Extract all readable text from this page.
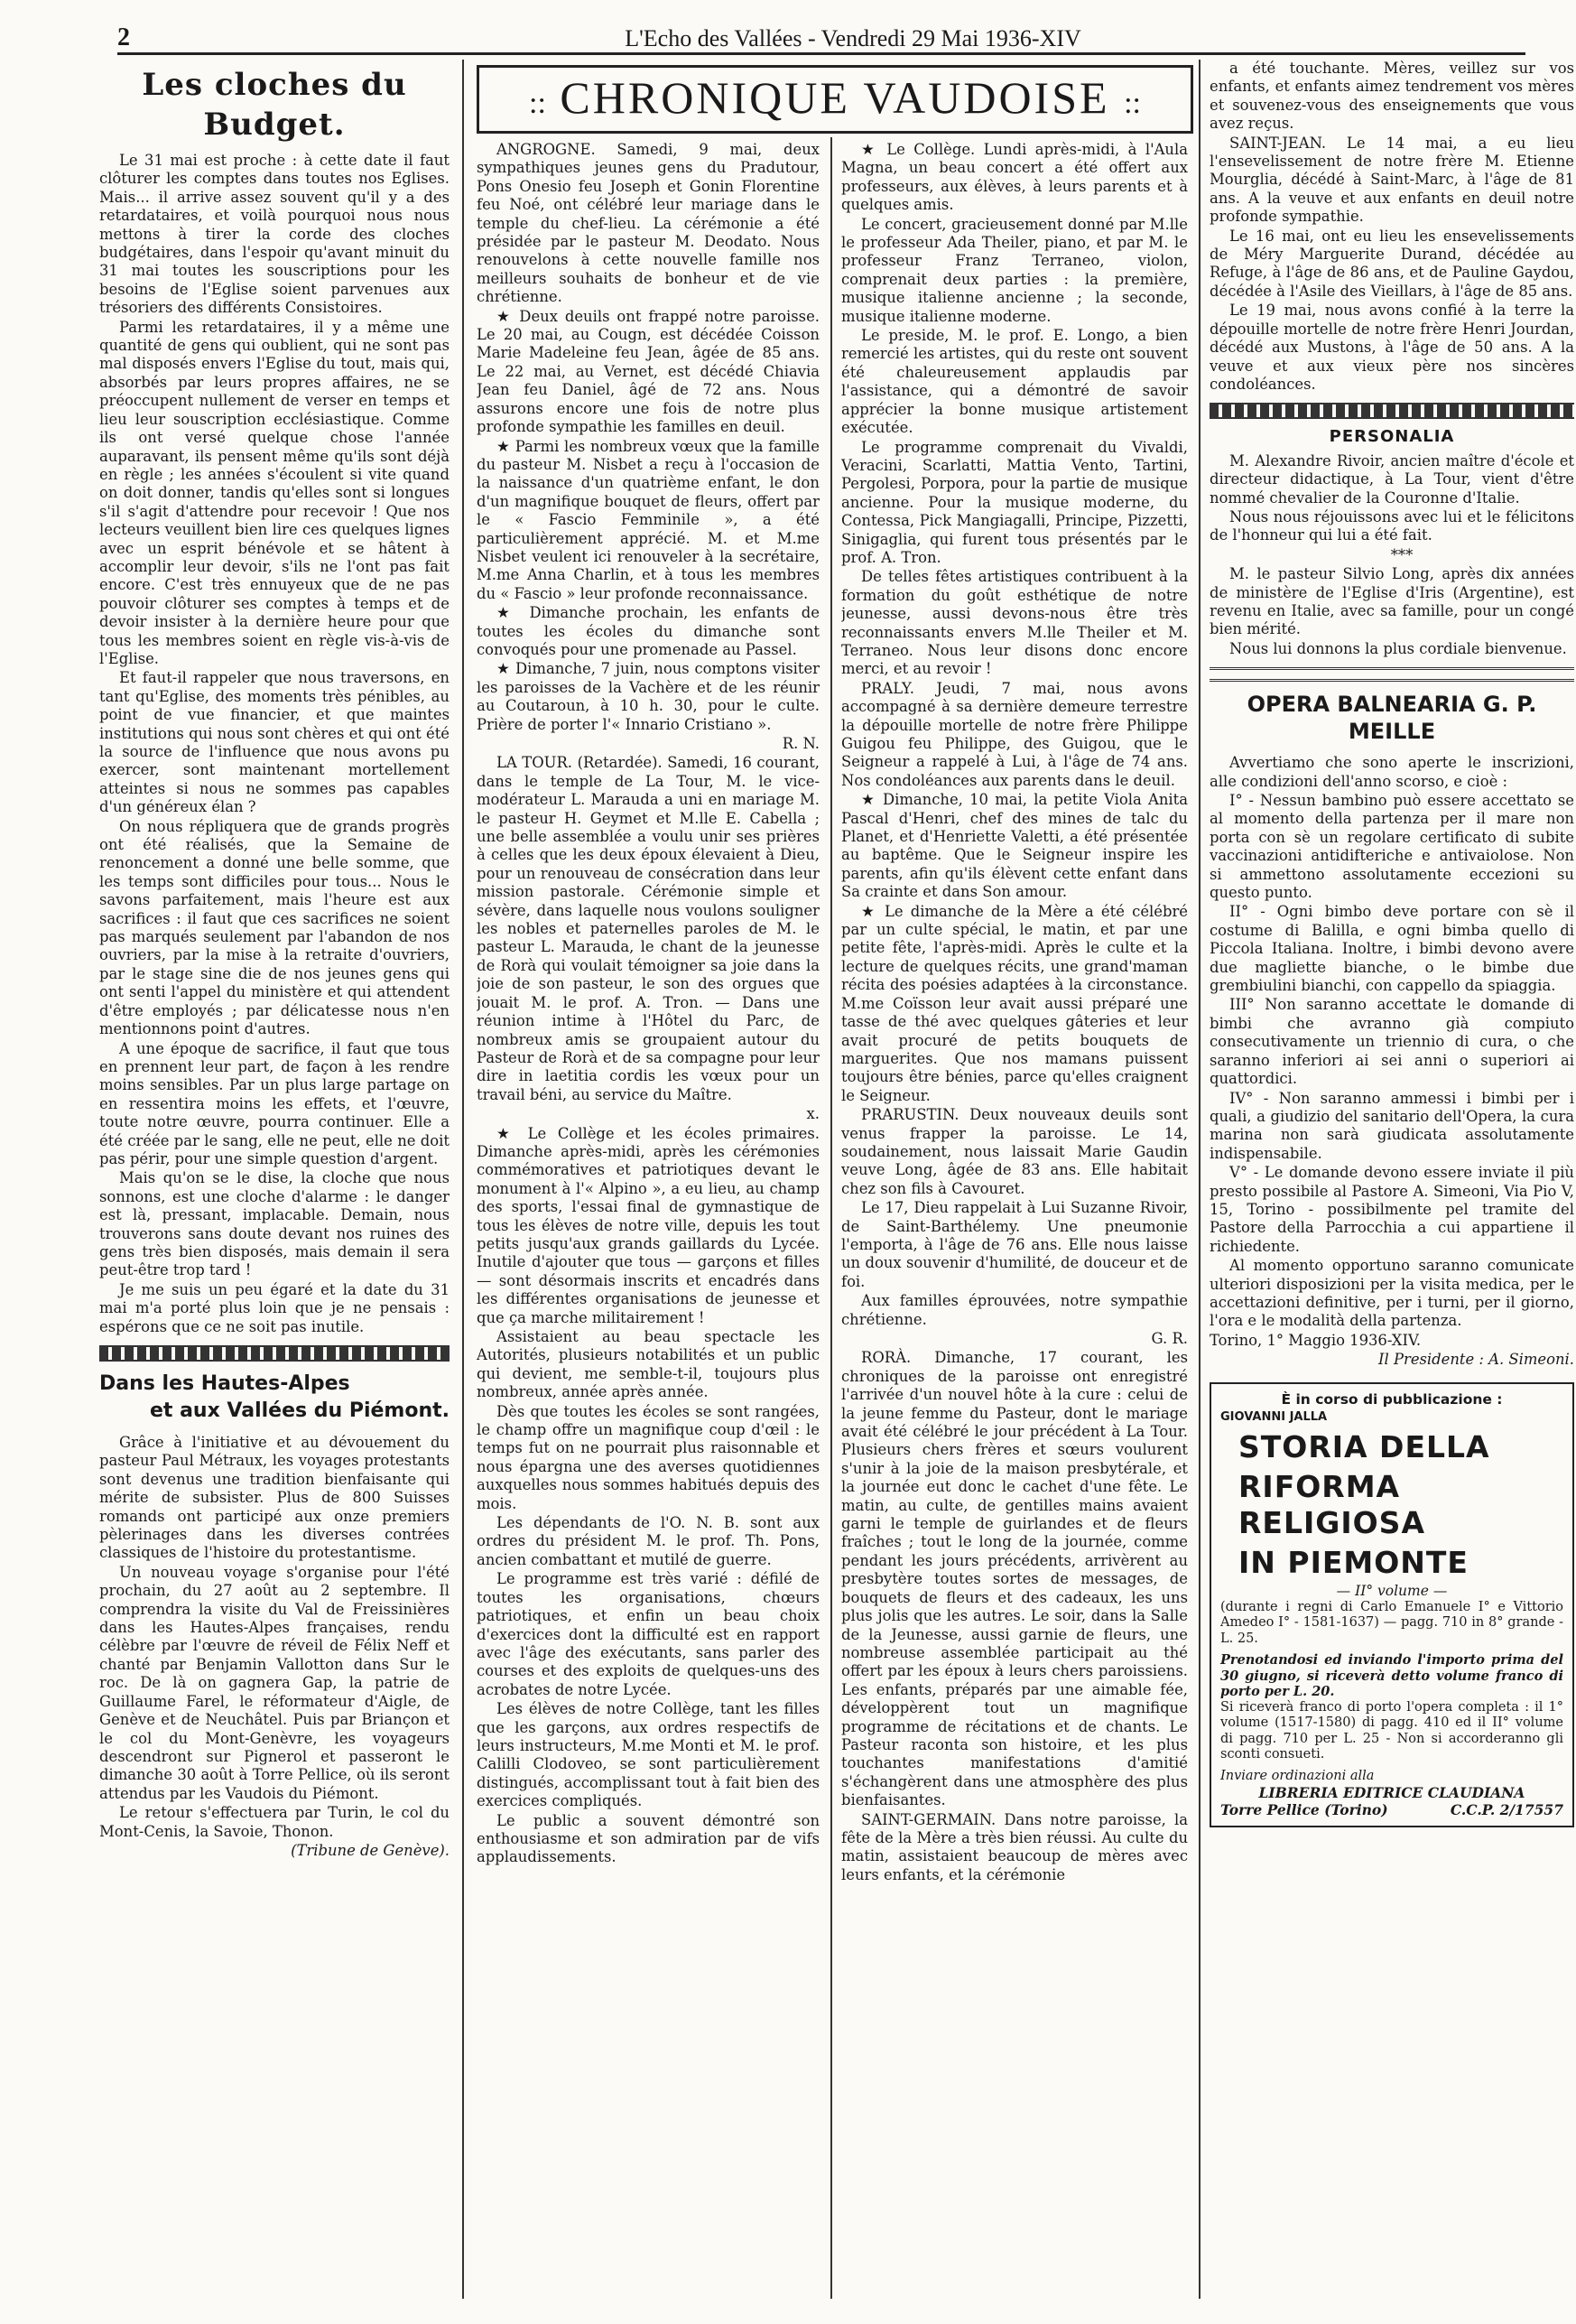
2	L'Echo des Vallées - Vendredi 29 Mai 1936-XIV
Les cloches du Budget.

Le 31 mai est proche : à cette date il faut clôturer les comptes dans toutes nos Eglises. Mais... il arrive assez souvent qu'il y a des retardataires, et voilà pourquoi nous nous mettons à tirer la corde des cloches budgétaires, dans l'espoir qu'avant minuit du 31 mai toutes les souscriptions pour les besoins de l'Eglise soient parvenues aux trésoriers des différents Consistoires.

Parmi les retardataires, il y a même une quantité de gens qui oublient, qui ne sont pas mal disposés envers l'Eglise du tout, mais qui, absorbés par leurs propres affaires, ne se préoccupent nullement de verser en temps et lieu leur souscription ecclésiastique. Comme ils ont versé quelque chose l'année auparavant, ils pensent même qu'ils sont déjà en règle ; les années s'écoulent si vite quand on doit donner, tandis qu'elles sont si longues s'il s'agit d'attendre pour recevoir ! Que nos lecteurs veuillent bien lire ces quelques lignes avec un esprit bénévole et se hâtent à accomplir leur devoir, s'ils ne l'ont pas fait encore. C'est très ennuyeux que de ne pas pouvoir clôturer ses comptes à temps et de devoir insister à la dernière heure pour que tous les membres soient en règle vis-à-vis de l'Eglise.

Et faut-il rappeler que nous traversons, en tant qu'Eglise, des moments très pénibles, au point de vue financier, et que maintes institutions qui nous sont chères et qui ont été la source de l'influence que nous avons pu exercer, sont maintenant mortellement atteintes si nous ne sommes pas capables d'un généreux élan ?

On nous répliquera que de grands progrès ont été réalisés, que la Semaine de renoncement a donné une belle somme, que les temps sont difficiles pour tous... Nous le savons parfaitement, mais l'heure est aux sacrifices : il faut que ces sacrifices ne soient pas marqués seulement par l'abandon de nos ouvriers, par la mise à la retraite d'ouvriers, par le stage sine die de nos jeunes gens qui ont senti l'appel du ministère et qui attendent d'être employés ; par délicatesse nous n'en mentionnons point d'autres.

A une époque de sacrifice, il faut que tous en prennent leur part, de façon à les rendre moins sensibles. Par un plus large partage on en ressentira moins les effets, et l'œuvre, toute notre œuvre, pourra continuer. Elle a été créée par le sang, elle ne peut, elle ne doit pas périr, pour une simple question d'argent.

Mais qu'on se le dise, la cloche que nous sonnons, est une cloche d'alarme : le danger est là, pressant, implacable. Demain, nous trouverons sans doute devant nos ruines des gens très bien disposés, mais demain il sera peut-être trop tard !

Je me suis un peu égaré et la date du 31 mai m'a porté plus loin que je ne pensais : espérons que ce ne soit pas inutile.

Dans les Hautes-Alpes
et aux Vallées du Piémont.

Grâce à l'initiative et au dévouement du pasteur Paul Métraux, les voyages protestants sont devenus une tradition bienfaisante qui mérite de subsister. Plus de 800 Suisses romands ont participé aux onze premiers pèlerinages dans les diverses contrées classiques de l'histoire du protestantisme.

Un nouveau voyage s'organise pour l'été prochain, du 27 août au 2 septembre. Il comprendra la visite du Val de Freissinières dans les Hautes-Alpes françaises, rendu célèbre par l'œuvre de réveil de Félix Neff et chanté par Benjamin Vallotton dans Sur le roc. De là on gagnera Gap, la patrie de Guillaume Farel, le réformateur d'Aigle, de Genève et de Neuchâtel. Puis par Briançon et le col du Mont-Genèvre, les voyageurs descendront sur Pignerol et passeront le dimanche 30 août à Torre Pellice, où ils seront attendus par les Vaudois du Piémont.

Le retour s'effectuera par Turin, le col du Mont-Cenis, la Savoie, Thonon.

(Tribune de Genève).

:: CHRONIQUE VAUDOISE ::

ANGROGNE. Samedi, 9 mai, deux sympathiques jeunes gens du Pradutour, Pons Onesio feu Joseph et Gonin Florentine feu Noé, ont célébré leur mariage dans le temple du chef-lieu. La cérémonie a été présidée par le pasteur M. Deodato. Nous renouvelons à cette nouvelle famille nos meilleurs souhaits de bonheur et de vie chrétienne.

★ Deux deuils ont frappé notre paroisse. Le 20 mai, au Cougn, est décédée Coisson Marie Madeleine feu Jean, âgée de 85 ans. Le 22 mai, au Vernet, est décédé Chiavia Jean feu Daniel, âgé de 72 ans. Nous assurons encore une fois de notre plus profonde sympathie les familles en deuil.

★ Parmi les nombreux vœux que la famille du pasteur M. Nisbet a reçu à l'occasion de la naissance d'un quatrième enfant, le don d'un magnifique bouquet de fleurs, offert par le « Fascio Femminile », a été particulièrement apprécié. M. et M.me Nisbet veulent ici renouveler à la secrétaire, M.me Anna Charlin, et à tous les membres du « Fascio » leur profonde reconnaissance.

★ Dimanche prochain, les enfants de toutes les écoles du dimanche sont convoqués pour une promenade au Passel.

★ Dimanche, 7 juin, nous comptons visiter les paroisses de la Vachère et de les réunir au Coutaroun, à 10 h. 30, pour le culte. Prière de porter l'« Innario Cristiano ».

R. N.

LA TOUR. (Retardée). Samedi, 16 courant, dans le temple de La Tour, M. le vice-modérateur L. Marauda a uni en mariage M. le pasteur H. Geymet et M.lle E. Cabella ; une belle assemblée a voulu unir ses prières à celles que les deux époux élevaient à Dieu, pour un renouveau de consécration dans leur mission pastorale. Cérémonie simple et sévère, dans laquelle nous voulons souligner les nobles et paternelles paroles de M. le pasteur L. Marauda, le chant de la jeunesse de Rorà qui voulait témoigner sa joie dans la joie de son pasteur, le son des orgues que jouait M. le prof. A. Tron. — Dans une réunion intime à l'Hôtel du Parc, de nombreux amis se groupaient autour du Pasteur de Rorà et de sa compagne pour leur dire in laetitia cordis les vœux pour un travail béni, au service du Maître.

x.

★ Le Collège et les écoles primaires. Dimanche après-midi, après les cérémonies commémoratives et patriotiques devant le monument à l'« Alpino », a eu lieu, au champ des sports, l'essai final de gymnastique de tous les élèves de notre ville, depuis les tout petits jusqu'aux grands gaillards du Lycée. Inutile d'ajouter que tous — garçons et filles — sont désormais inscrits et encadrés dans les différentes organisations de jeunesse et que ça marche militairement !

Assistaient au beau spectacle les Autorités, plusieurs notabilités et un public qui devient, me semble-t-il, toujours plus nombreux, année après année.

Dès que toutes les écoles se sont rangées, le champ offre un magnifique coup d'œil : le temps fut on ne pourrait plus raisonnable et nous épargna une des averses quotidiennes auxquelles nous sommes habitués depuis des mois.

Les dépendants de l'O. N. B. sont aux ordres du président M. le prof. Th. Pons, ancien combattant et mutilé de guerre.

Le programme est très varié : défilé de toutes les organisations, chœurs patriotiques, et enfin un beau choix d'exercices dont la difficulté est en rapport avec l'âge des exécutants, sans parler des courses et des exploits de quelques-uns des acrobates de notre Lycée.

Les élèves de notre Collège, tant les filles que les garçons, aux ordres respectifs de leurs instructeurs, M.me Monti et M. le prof. Calilli Clodoveo, se sont particulièrement distingués, accomplissant tout à fait bien des exercices compliqués.

Le public a souvent démontré son enthousiasme et son admiration par de vifs applaudissements.

★ Le Collège. Lundi après-midi, à l'Aula Magna, un beau concert a été offert aux professeurs, aux élèves, à leurs parents et à quelques amis.

Le concert, gracieusement donné par M.lle le professeur Ada Theiler, piano, et par M. le professeur Franz Terraneo, violon, comprenait deux parties : la première, musique italienne ancienne ; la seconde, musique italienne moderne.

Le preside, M. le prof. E. Longo, a bien remercié les artistes, qui du reste ont souvent été chaleureusement applaudis par l'assistance, qui a démontré de savoir apprécier la bonne musique artistement exécutée.

Le programme comprenait du Vivaldi, Veracini, Scarlatti, Mattia Vento, Tartini, Pergolesi, Porpora, pour la partie de musique ancienne. Pour la musique moderne, du Contessa, Pick Mangiagalli, Principe, Pizzetti, Sinigaglia, qui furent tous présentés par le prof. A. Tron.

De telles fêtes artistiques contribuent à la formation du goût esthétique de notre jeunesse, aussi devons-nous être très reconnaissants envers M.lle Theiler et M. Terraneo. Nous leur disons donc encore merci, et au revoir !

PRALY. Jeudi, 7 mai, nous avons accompagné à sa dernière demeure terrestre la dépouille mortelle de notre frère Philippe Guigou feu Philippe, des Guigou, que le Seigneur a rappelé à Lui, à l'âge de 74 ans. Nos condoléances aux parents dans le deuil.

★ Dimanche, 10 mai, la petite Viola Anita Pascal d'Henri, chef des mines de talc du Planet, et d'Henriette Valetti, a été présentée au baptême. Que le Seigneur inspire les parents, afin qu'ils élèvent cette enfant dans Sa crainte et dans Son amour.

★ Le dimanche de la Mère a été célébré par un culte spécial, le matin, et par une petite fête, l'après-midi. Après le culte et la lecture de quelques récits, une grand'maman récita des poésies adaptées à la circonstance. M.me Coïsson leur avait aussi préparé une tasse de thé avec quelques gâteries et leur avait procuré de petits bouquets de marguerites. Que nos mamans puissent toujours être bénies, parce qu'elles craignent le Seigneur.

PRARUSTIN. Deux nouveaux deuils sont venus frapper la paroisse. Le 14, soudainement, nous laissait Marie Gaudin veuve Long, âgée de 83 ans. Elle habitait chez son fils à Cavouret.

Le 17, Dieu rappelait à Lui Suzanne Rivoir, de Saint-Barthélemy. Une pneumonie l'emporta, à l'âge de 76 ans. Elle nous laisse un doux souvenir d'humilité, de douceur et de foi.

Aux familles éprouvées, notre sympathie chrétienne.

G. R.

RORÀ. Dimanche, 17 courant, les chroniques de la paroisse ont enregistré l'arrivée d'un nouvel hôte à la cure : celui de la jeune femme du Pasteur, dont le mariage avait été célébré le jour précédent à La Tour. Plusieurs chers frères et sœurs voulurent s'unir à la joie de la maison presbytérale, et la journée eut donc le cachet d'une fête. Le matin, au culte, de gentilles mains avaient garni le temple de guirlandes et de fleurs fraîches ; tout le long de la journée, comme pendant les jours précédents, arrivèrent au presbytère toutes sortes de messages, de bouquets de fleurs et des cadeaux, les uns plus jolis que les autres. Le soir, dans la Salle de la Jeunesse, aussi garnie de fleurs, une nombreuse assemblée participait au thé offert par les époux à leurs chers paroissiens. Les enfants, préparés par une aimable fée, développèrent tout un magnifique programme de récitations et de chants. Le Pasteur raconta son histoire, et les plus touchantes manifestations d'amitié s'échangèrent dans une atmosphère des plus bienfaisantes.

SAINT-GERMAIN. Dans notre paroisse, la fête de la Mère a très bien réussi. Au culte du matin, assistaient beaucoup de mères avec leurs enfants, et la cérémonie

a été touchante. Mères, veillez sur vos enfants, et enfants aimez tendrement vos mères et souvenez-vous des enseignements que vous avez reçus.

SAINT-JEAN. Le 14 mai, a eu lieu l'ensevelissement de notre frère M. Etienne Mourglia, décédé à Saint-Marc, à l'âge de 81 ans. A la veuve et aux enfants en deuil notre profonde sympathie.

Le 16 mai, ont eu lieu les ensevelissements de Méry Marguerite Durand, décédée au Refuge, à l'âge de 86 ans, et de Pauline Gaydou, décédée à l'Asile des Vieillars, à l'âge de 85 ans.

Le 19 mai, nous avons confié à la terre la dépouille mortelle de notre frère Henri Jourdan, décédé aux Mustons, à l'âge de 50 ans. A la veuve et aux vieux père nos sincères condoléances.

PERSONALIA

M. Alexandre Rivoir, ancien maître d'école et directeur didactique, à La Tour, vient d'être nommé chevalier de la Couronne d'Italie.

Nous nous réjouissons avec lui et le félicitons de l'honneur qui lui a été fait.

***

M. le pasteur Silvio Long, après dix années de ministère de l'Eglise d'Iris (Argentine), est revenu en Italie, avec sa famille, pour un congé bien mérité.

Nous lui donnons la plus cordiale bienvenue.

OPERA BALNEARIA G. P. MEILLE

Avvertiamo che sono aperte le inscrizioni, alle condizioni dell'anno scorso, e cioè :

I° - Nessun bambino può essere accettato se al momento della partenza per il mare non porta con sè un regolare certificato di subite vaccinazioni antidifteriche e antivaiolose. Non si ammettono assolutamente eccezioni su questo punto.

II° - Ogni bimbo deve portare con sè il costume di Balilla, e ogni bimba quello di Piccola Italiana. Inoltre, i bimbi devono avere due magliette bianche, o le bimbe due grembiulini bianchi, con cappello da spiaggia.

III° Non saranno accettate le domande di bimbi che avranno già compiuto consecutivamente un triennio di cura, o che saranno inferiori ai sei anni o superiori ai quattordici.

IV° - Non saranno ammessi i bimbi per i quali, a giudizio del sanitario dell'Opera, la cura marina non sarà giudicata assolutamente indispensabile.

V° - Le domande devono essere inviate il più presto possibile al Pastore A. Simeoni, Via Pio V, 15, Torino - possibilmente pel tramite del Pastore della Parrocchia a cui appartiene il richiedente.

Al momento opportuno saranno comunicate ulteriori disposizioni per la visita medica, per le accettazioni definitive, per i turni, per il giorno, l'ora e le modalità della partenza.

Torino, 1° Maggio 1936-XIV.

Il Presidente : A. Simeoni.

È in corso di pubblicazione :
GIOVANNI JALLA
STORIA DELLA
RIFORMA RELIGIOSA
IN PIEMONTE
— II° volume —
(durante i regni di Carlo Emanuele I° e Vittorio Amedeo I° - 1581-1637) — pagg. 710 in 8° grande - L. 25.
Prenotandosi ed inviando l'importo prima del 30 giugno, si riceverà detto volume franco di porto per L. 20.
Si riceverà franco di porto l'opera completa : il 1° volume (1517-1580) di pagg. 410 ed il II° volume di pagg. 710 per L. 25 - Non si accorderanno gli sconti consueti.
Inviare ordinazioni alla
LIBRERIA EDITRICE CLAUDIANA
Torre Pellice (Torino)	C.C.P. 2/17557
